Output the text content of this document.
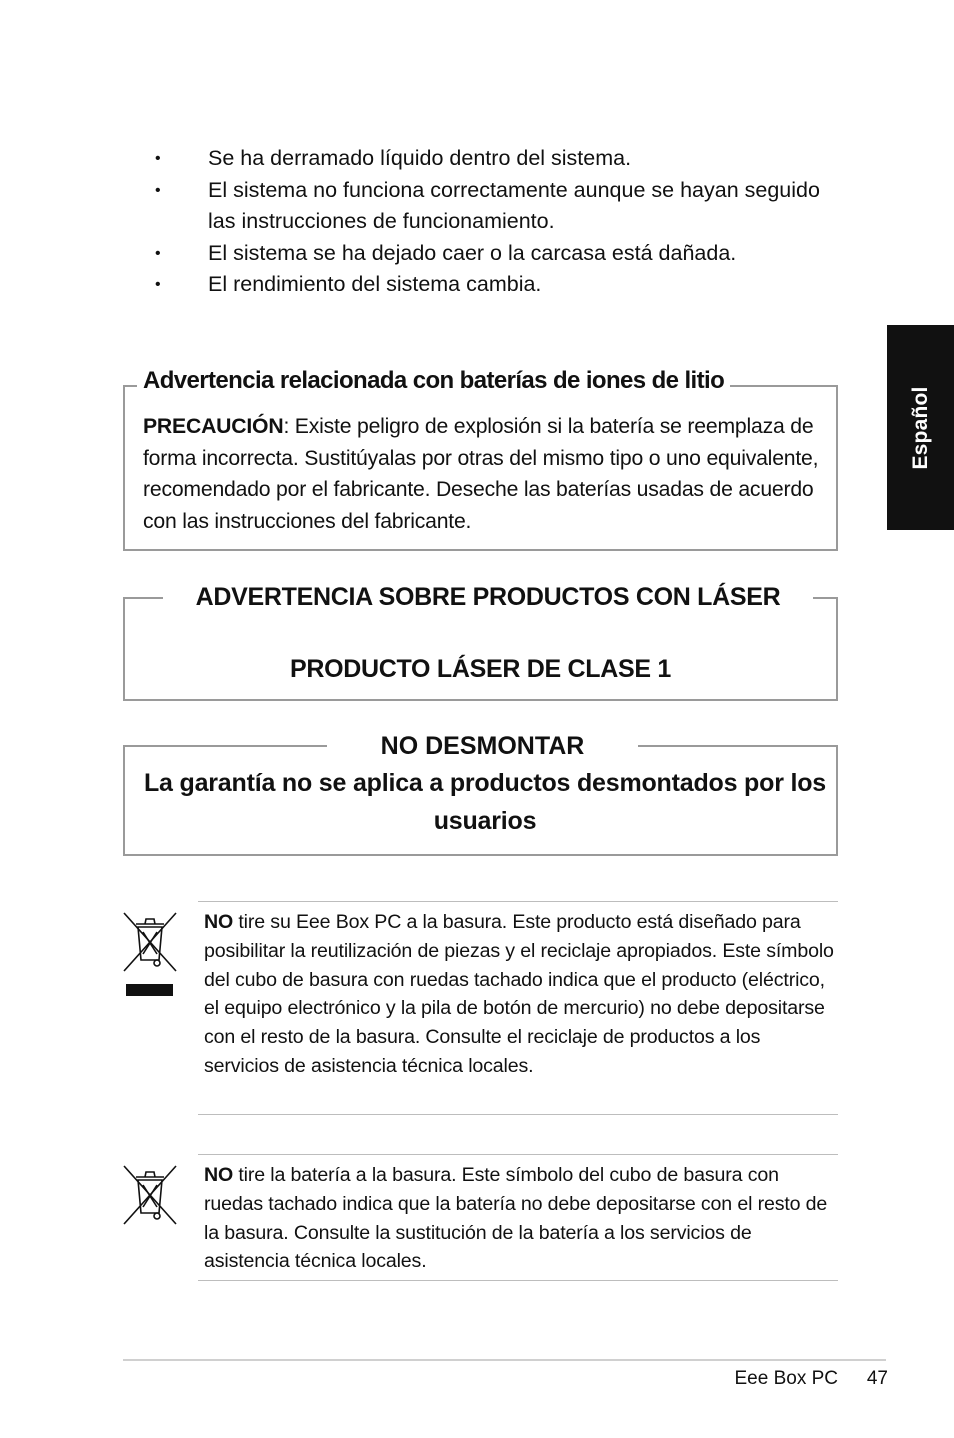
• Se ha derramado líquido dentro del sistema.
• El sistema no funciona correctamente aunque se hayan seguido las instrucciones de funcionamiento.
• El sistema se ha dejado caer o la carcasa está dañada.
• El rendimiento del sistema cambia.
Advertencia relacionada con baterías de iones de litio
PRECAUCIÓN: Existe peligro de explosión si la batería se reemplaza de forma incorrecta. Sustitúyalas por otras del mismo tipo o uno equivalente, recomendado por el fabricante. Deseche las baterías usadas de acuerdo con las instrucciones del fabricante.
ADVERTENCIA SOBRE PRODUCTOS CON LÁSER
PRODUCTO LÁSER DE CLASE 1
NO DESMONTAR
La garantía no se aplica a productos desmontados por los usuarios
NO tire su Eee Box PC a la basura. Este producto está diseñado para posibilitar la reutilización de piezas y el reciclaje apropiados. Este símbolo del cubo de basura con ruedas tachado indica que el producto (eléctrico, el equipo electrónico y la pila de botón de mercurio) no debe depositarse con el resto de la basura. Consulte el reciclaje de productos a los servicios de asistencia técnica locales.
NO tire la batería a la basura. Este símbolo del cubo de basura con ruedas tachado indica que la batería no debe depositarse con el resto de la basura. Consulte la sustitución de la batería a los servicios de asistencia técnica locales.
Español
Eee Box PC	47
